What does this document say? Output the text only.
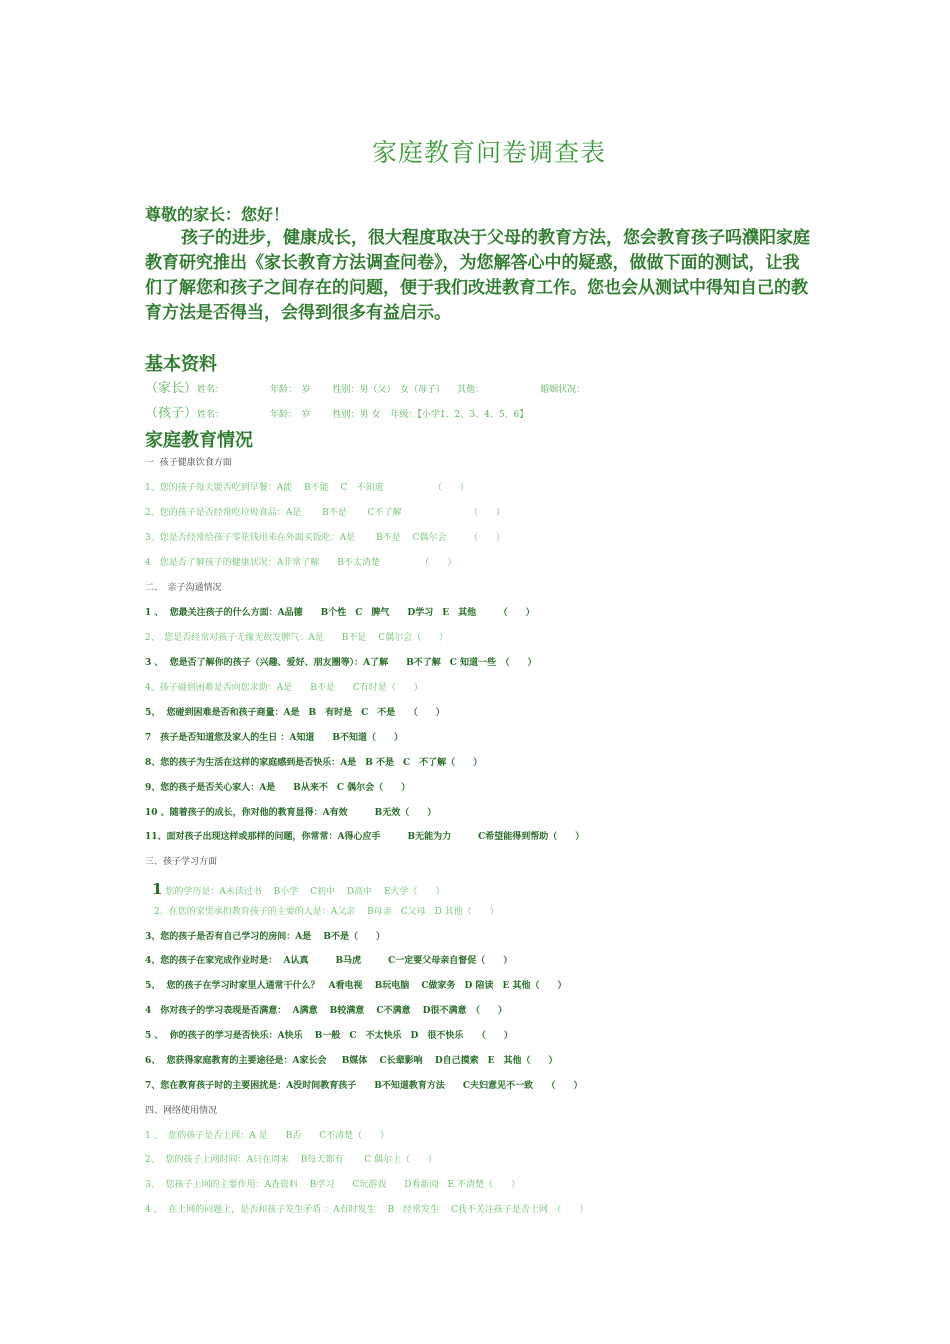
家庭教育问卷调查表
尊敬的家长：您好！
孩子的进步，健康成长，很大程度取决于父母的教育方法，您会教育孩子吗濮阳家庭教育研究推出《家长教育方法调查问卷》，为您解答心中的疑惑，做做下面的测试，让我们了解您和孩子之间存在的问题，便于我们改进教育工作。您也会从测试中得知自己的教育方法是否得当，会得到很多有益启示。
基本资料
（家长）姓名：	年龄：　岁 性别：男（父）　女（母子） 其他：	婚姻状况：
（孩子）姓名：	年龄：　岁 性别：男 女 年级：【小学1、2、3、4、5、6】
家庭教育情况
一  孩子健康饮食方面
1、您的孩子每天能否吃到早餐：A能　 B不能　 C　不知道　　　　　　（　　）
2、您的孩子是否经常吃垃圾食品：A是　　 B不是　　 C不了解　　　　　　　　（　　）
3、您是否经常给孩子零花钱用来在外面买饭吃：A是　　 B不是　 C偶尔会　　　（　　）
4　您是否了解孩子的健康状况：A非常了解　　B不太清楚　　　　　（　　）
二、　亲子沟通情况
1 、  您最关注孩子的什么方面：A品德　　B个性　C　脾气　　D学习　E　其他　　　（　　）
2、　您是否经常对孩子无缘无故发脾气：A是　　B不是　 C偶尔会（　　）
3 、  您是否了解你的孩子（兴趣、爱好、朋友圈等）：A了解　　B不了解　C 知道一些　（　　）
4、孩子碰到困难是否向您求助：A是　　B不是　　C有时是（　　）
5、  您碰到困难是否和孩子商量：A是　B　有时是　C　不是　　（　　）
7　孩子是否知道您及家人的生日 ：A知道　　B不知道（　　）
8、您的孩子为生活在这样的家庭感到是否快乐：A是　B 不是　C　不了解（　　）
9、您的孩子是否关心家人：A是　　B从来不　C 偶尔会（　　）
10 、随着孩子的成长，你对他的教育显得：A有效　　　B无效（　　）
11、面对孩子出现这样或那样的问题，你常常：A得心应手　　　B无能为力　　　C希望能得到帮助（　　）
三、孩子学习方面
1 您的学历是：A未读过书　 B小学　 C初中　 D高中　 E大学（　　）
　2、在您的家里承担教育孩子的主要的人是：A父亲　 B母亲　C父母　D 其他（　　）
3、您的孩子是否有自己学习的房间：A是　 B不是（　　）
4、您的孩子在家完成作业时是：  A认真　　　B马虎　　　C一定要父母亲自督促（　　）
5、  您的孩子在学习时家里人通常干什么？　A看电视　 B玩电脑　 C做家务　D 陪读　E 其他（　　）
4　你对孩子的学习表现是否满意：  A满意　 B较满意　 C不满意　 D很不满意　（　　）
5 、  你的孩子的学习是否快乐：A快乐　 B一般　C　不太快乐　D　很不快乐　　（　　）
6、  您获得家庭教育的主要途径是：A家长会　  B媒体　 C长辈影响　 D自己摸索　E　其他（　　）
7、您在教育孩子时的主要困扰是：A没时间教育孩子　　B不知道教育方法　　C夫妇意见不一致　　（　　）
四、网络使用情况
1 、  您的孩子是否上网：A 是　　B否　　C不清楚（　　）
2、  您的孩子上网时间：A只在周末　 B每天都有　　 C 偶尔上（　　）
3、  您孩子上网的主要作用：A查资料　 B学习　　C玩游戏　　D看新闻　E 不清楚（　　）
4 、  在上网的问题上，是否和孩子发生矛盾 ：A有时发生　 B　经常发生　 C我不关注孩子是否上网　（　　）
